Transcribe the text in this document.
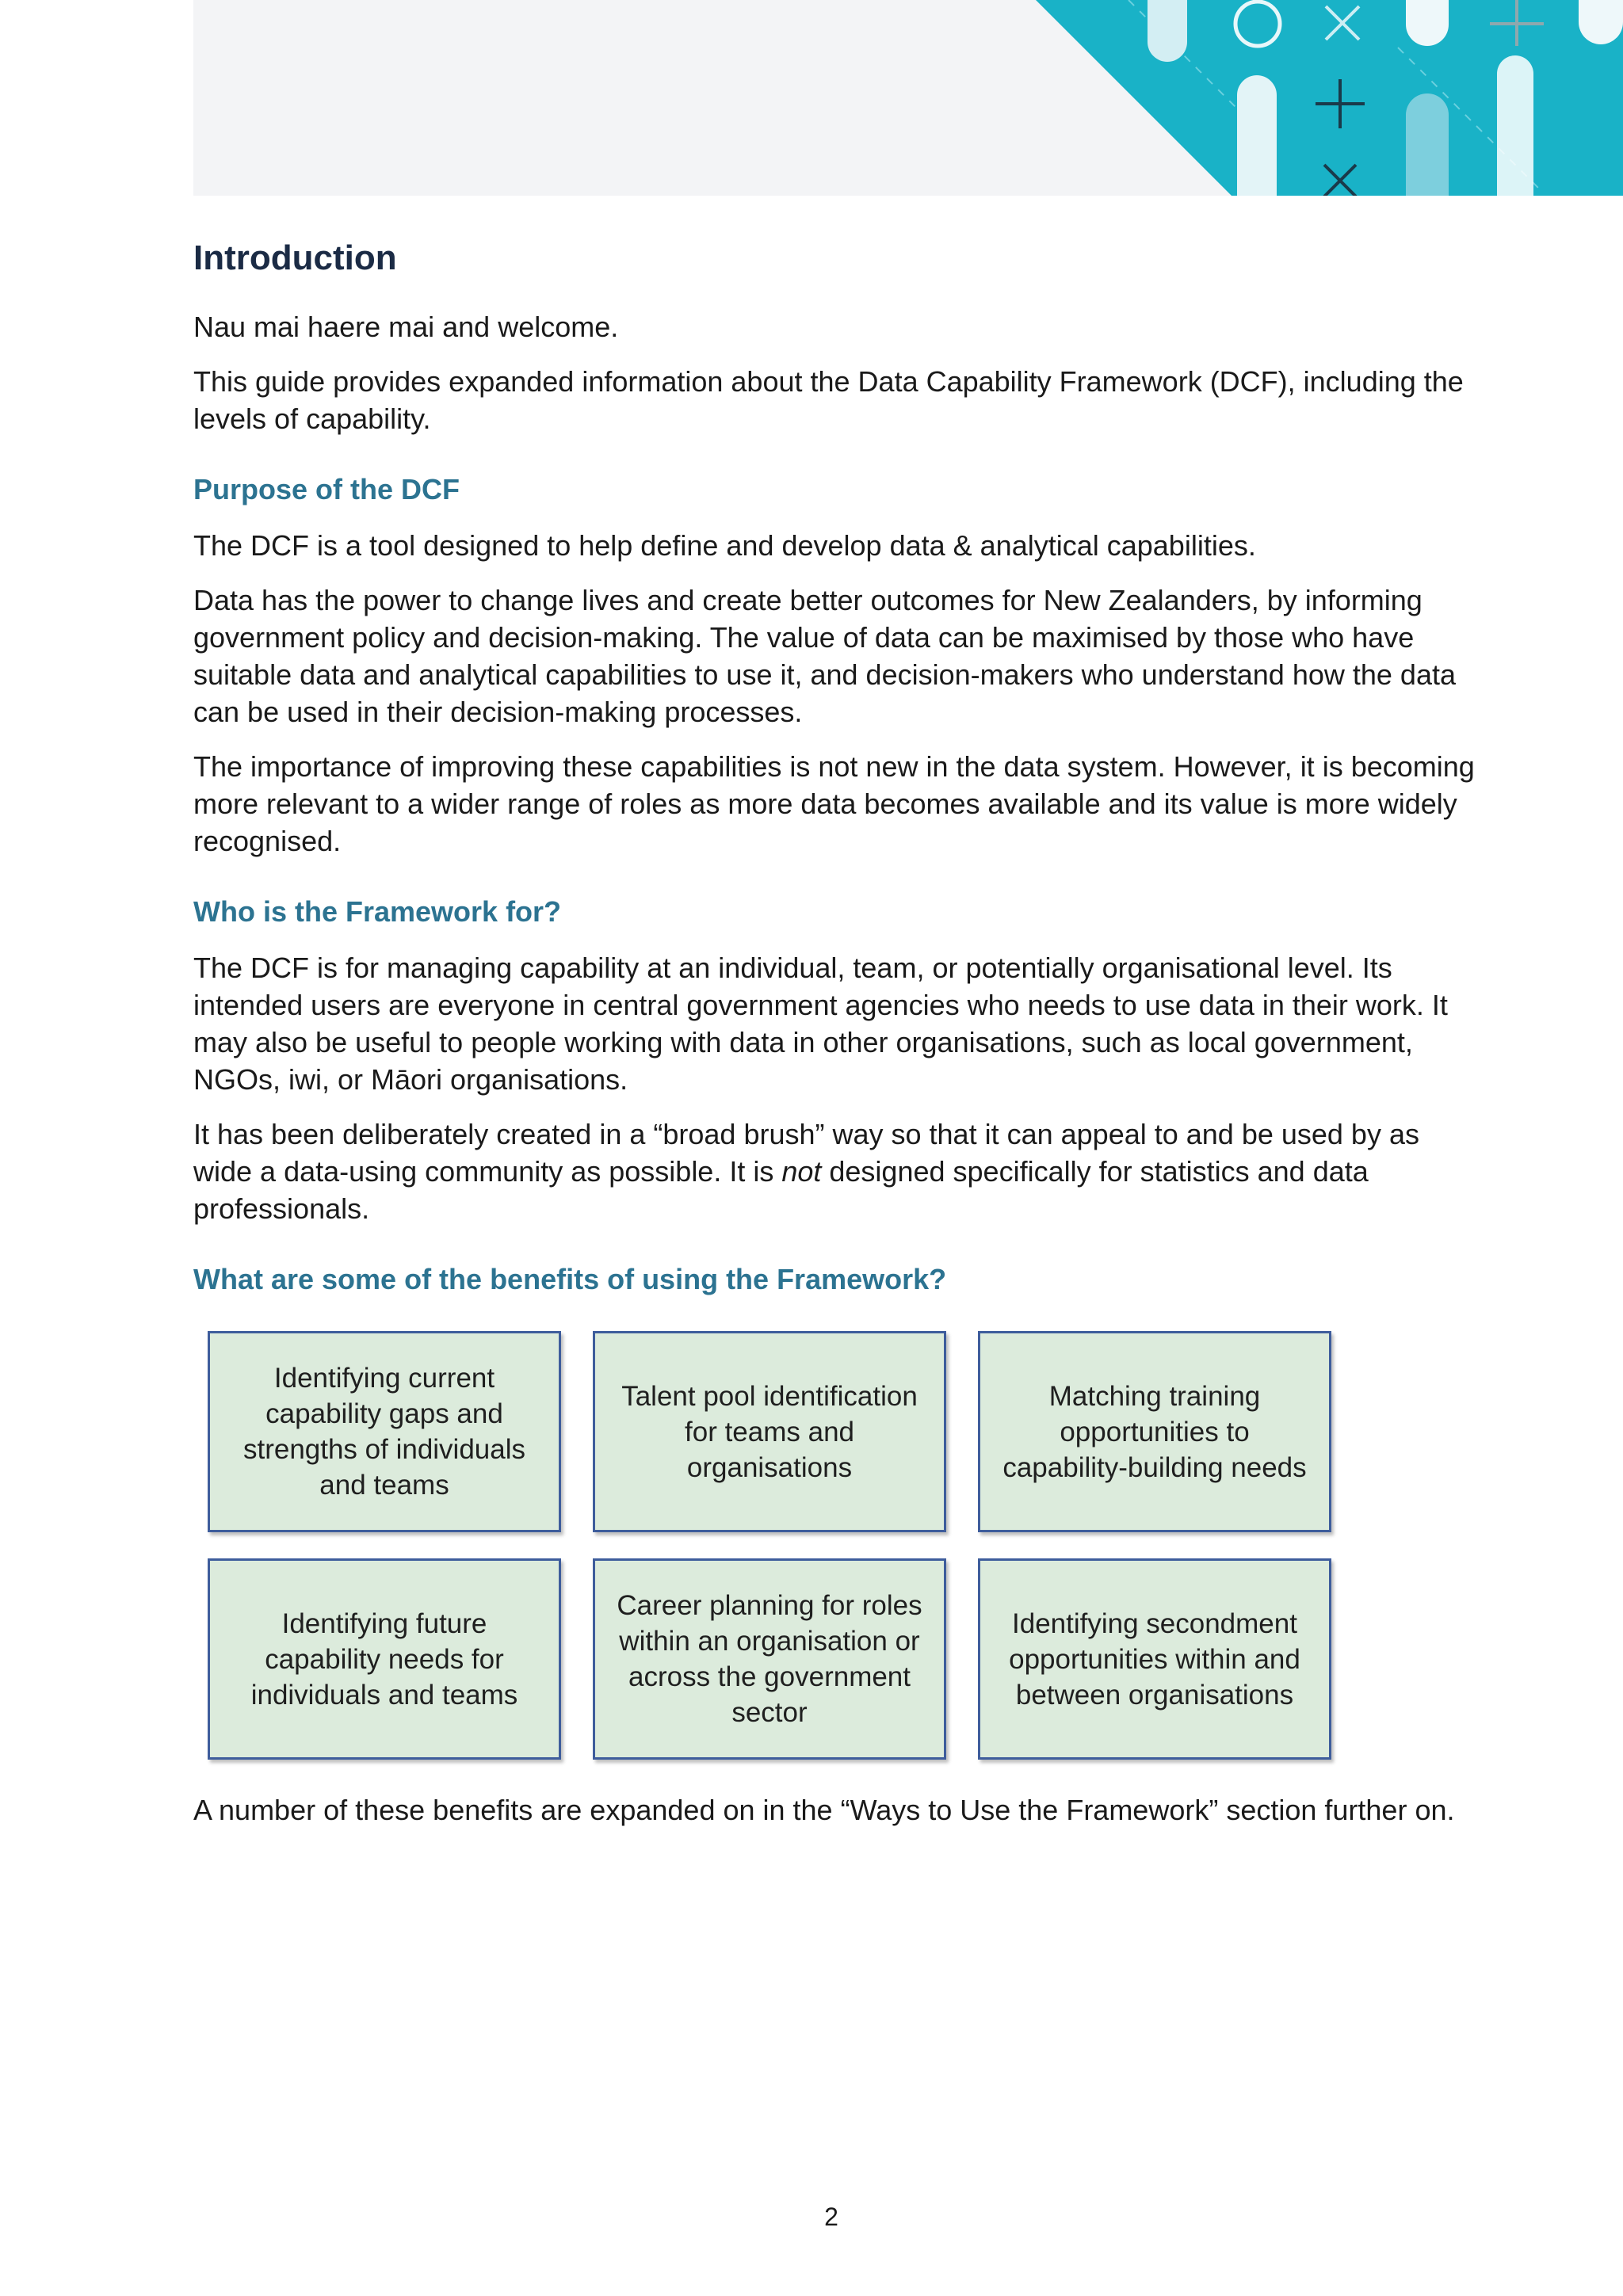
Introduction

Nau mai haere mai and welcome.

This guide provides expanded information about the Data Capability Framework (DCF), including the levels of capability.

Purpose of the DCF

The DCF is a tool designed to help define and develop data & analytical capabilities.

Data has the power to change lives and create better outcomes for New Zealanders, by informing government policy and decision-making. The value of data can be maximised by those who have suitable data and analytical capabilities to use it, and decision-makers who understand how the data can be used in their decision-making processes.

The importance of improving these capabilities is not new in the data system. However, it is becoming more relevant to a wider range of roles as more data becomes available and its value is more widely recognised.

Who is the Framework for?

The DCF is for managing capability at an individual, team, or potentially organisational level. Its intended users are everyone in central government agencies who needs to use data in their work. It may also be useful to people working with data in other organisations, such as local government, NGOs, iwi, or Māori organisations.

It has been deliberately created in a “broad brush” way so that it can appeal to and be used by as wide a data-using community as possible. It is not designed specifically for statistics and data professionals.

What are some of the benefits of using the Framework?
Identifying current capability gaps and strengths of individuals and teams
Talent pool identification for teams and organisations
Matching training opportunities to capability-building needs
Identifying future capability needs for individuals and teams
Career planning for roles within an organisation or across the government sector
Identifying secondment opportunities within and between organisations

A number of these benefits are expanded on in the “Ways to Use the Framework” section further on.

2
